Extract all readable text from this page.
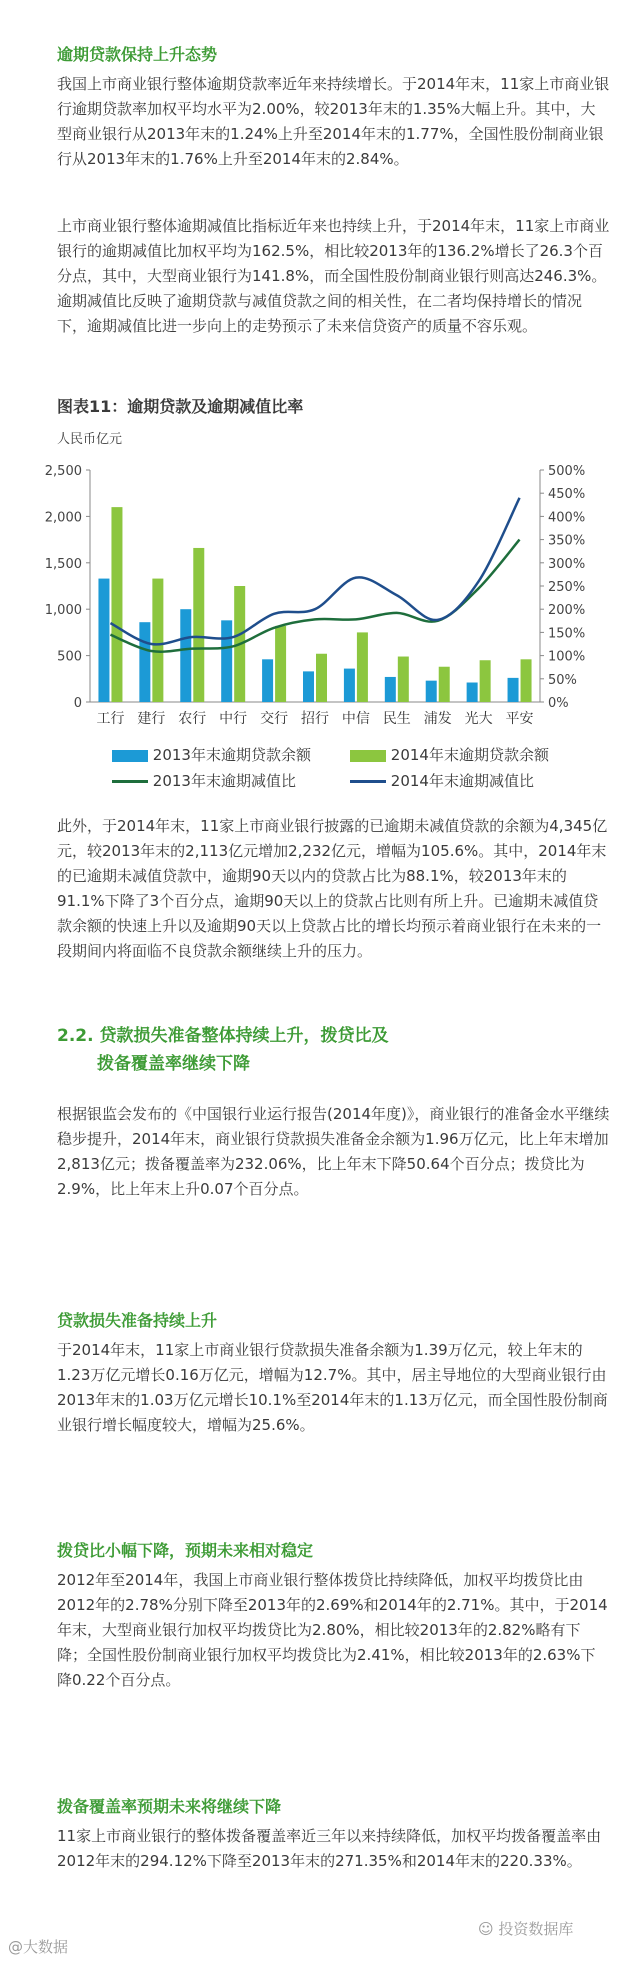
逾期贷款保持上升态势

我国上市商业银行整体逾期贷款率近年来持续增长。于2014年末，11家上市商业银行逾期贷款率加权平均水平为2.00%，较2013年末的1.35%大幅上升。其中，大型商业银行从2013年末的1.24%上升至2014年末的1.77%，全国性股份制商业银行从2013年末的1.76%上升至2014年末的2.84%。

上市商业银行整体逾期减值比指标近年来也持续上升，于2014年末，11家上市商业银行的逾期减值比加权平均为162.5%，相比较2013年的136.2%增长了26.3个百分点，其中，大型商业银行为141.8%，而全国性股份制商业银行则高达246.3%。逾期减值比反映了逾期贷款与减值贷款之间的相关性，在二者均保持增长的情况下，逾期减值比进一步向上的走势预示了未来信贷资产的质量不容乐观。

图表11：逾期贷款及逾期减值比率
人民币亿元
0
500
1,000
1,500
2,000
2,500
0%
50%
100%
150%
200%
250%
300%
350%
400%
450%
500%
工行 建行 农行 中行 交行 招行 中信 民生 浦发 光大 平安
2013年末逾期贷款余额	2014年末逾期贷款余额
2013年末逾期减值比	2014年末逾期减值比

此外，于2014年末，11家上市商业银行披露的已逾期未减值贷款的余额为4,345亿元，较2013年末的2,113亿元增加2,232亿元，增幅为105.6%。其中，2014年末的已逾期未减值贷款中，逾期90天以内的贷款占比为88.1%，较2013年末的91.1%下降了3个百分点，逾期90天以上的贷款占比则有所上升。已逾期未减值贷款余额的快速上升以及逾期90天以上贷款占比的增长均预示着商业银行在未来的一段期间内将面临不良贷款余额继续上升的压力。

2.2. 贷款损失准备整体持续上升，拨贷比及
拨备覆盖率继续下降

根据银监会发布的《中国银行业运行报告(2014年度)》，商业银行的准备金水平继续稳步提升，2014年末，商业银行贷款损失准备金余额为1.96万亿元，比上年末增加2,813亿元；拨备覆盖率为232.06%，比上年末下降50.64个百分点；拨贷比为2.9%，比上年末上升0.07个百分点。

贷款损失准备持续上升

于2014年末，11家上市商业银行贷款损失准备余额为1.39万亿元，较上年末的1.23万亿元增长0.16万亿元，增幅为12.7%。其中，居主导地位的大型商业银行由2013年末的1.03万亿元增长10.1%至2014年末的1.13万亿元，而全国性股份制商业银行增长幅度较大，增幅为25.6%。

拨贷比小幅下降，预期未来相对稳定

2012年至2014年，我国上市商业银行整体拨贷比持续降低，加权平均拨贷比由2012年的2.78%分别下降至2013年的2.69%和2014年的2.71%。其中，于2014年末，大型商业银行加权平均拨贷比为2.80%，相比较2013年的2.82%略有下降；全国性股份制商业银行加权平均拨贷比为2.41%，相比较2013年的2.63%下降0.22个百分点。

拨备覆盖率预期未来将继续下降

11家上市商业银行的整体拨备覆盖率近三年以来持续降低，加权平均拨备覆盖率由2012年末的294.12%下降至2013年末的271.35%和2014年末的220.33%。

@大数据
☺ 投资数据库
